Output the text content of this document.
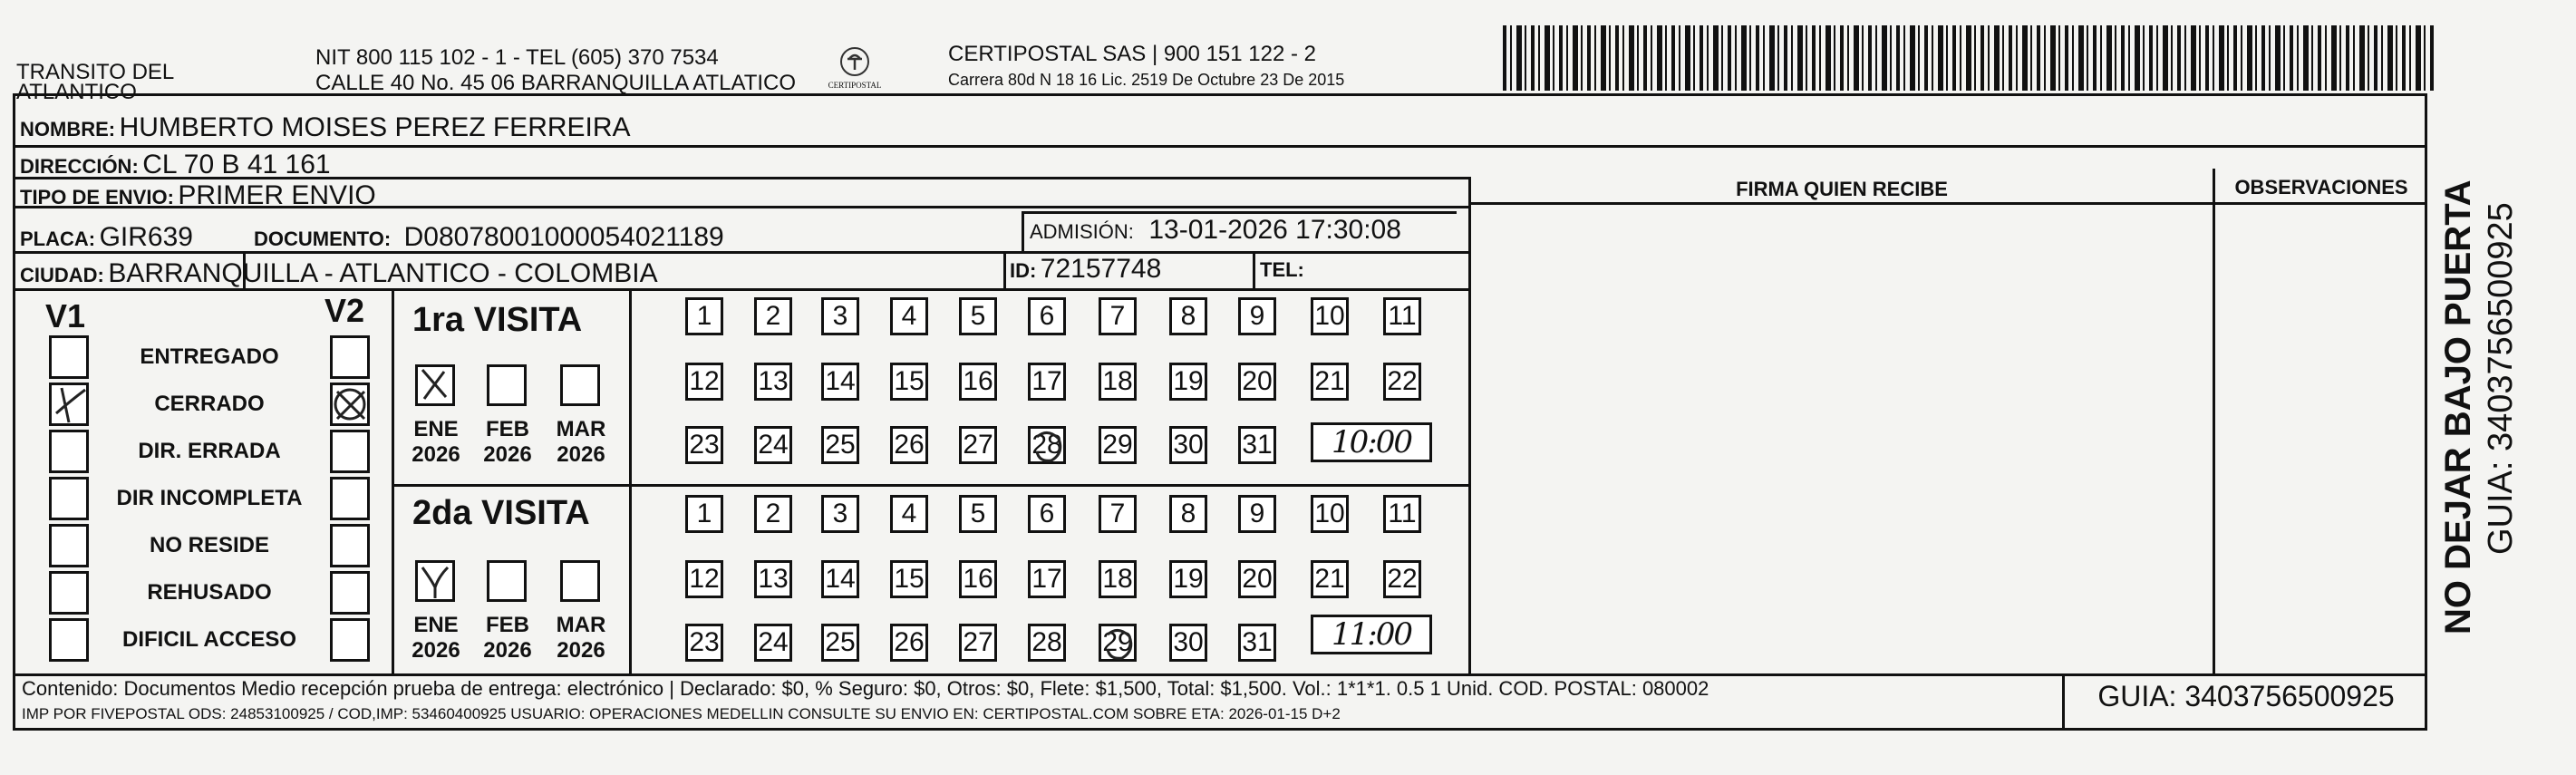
TRANSITO DEL
ATLANTICO
NIT 800 115 102 - 1 - TEL (605) 370 7534
CALLE 40 No. 45 06 BARRANQUILLA ATLATICO	CERTIPOSTAL
CERTIPOSTAL SAS | 900 151 122 - 2
Carrera 80d N 18 16 Lic. 2519 De Octubre 23 De 2015
NOMBRE: HUMBERTO MOISES PEREZ FERREIRA
DIRECCIÓN: CL 70 B 41 161
TIPO DE ENVIO: PRIMER ENVIO
PLACA: GIR639	DOCUMENTO: D08078001000054021189	ADMISIÓN: 13-01-2026 17:30:08
CIUDAD: BARRANQUILLA - ATLANTICO - COLOMBIA	ID: 72157748	TEL:
FIRMA QUIEN RECIBE	OBSERVACIONES
V1	V2
ENTREGADO
CERRADO
DIR. ERRADA
DIR INCOMPLETA
NO RESIDE
REHUSADO
DIFICIL ACCESO
1ra VISITA
ENE
2026
FEB
2026
MAR
2026
2da VISITA
ENE
2026
FEB
2026
MAR
2026
1	2	3	4	5	6	7	8	9	10 11
12 13 14 15 16 17 18 19 20 21 22
23 24 25 26 27 28 29 30 31
1	2	3	4	5	6	7	8	9	10 11
12 13 14 15 16 17 18 19 20 21 22
23 24 25 26 27 28 29 30 31
10:00
11:00
Contenido: Documentos Medio recepción prueba de entrega: electrónico | Declarado: $0, % Seguro: $0, Otros: $0, Flete: $1,500, Total: $1,500. Vol.: 1*1*1. 0.5 1 Unid. COD. POSTAL: 080002
IMP POR FIVEPOSTAL ODS: 24853100925 / COD,IMP: 53460400925 USUARIO: OPERACIONES MEDELLIN CONSULTE SU ENVIO EN: CERTIPOSTAL.COM SOBRE ETA: 2026-01-15 D+2
GUIA: 3403756500925
NO DEJAR BAJO PUERTA GUIA: 3403756500925
